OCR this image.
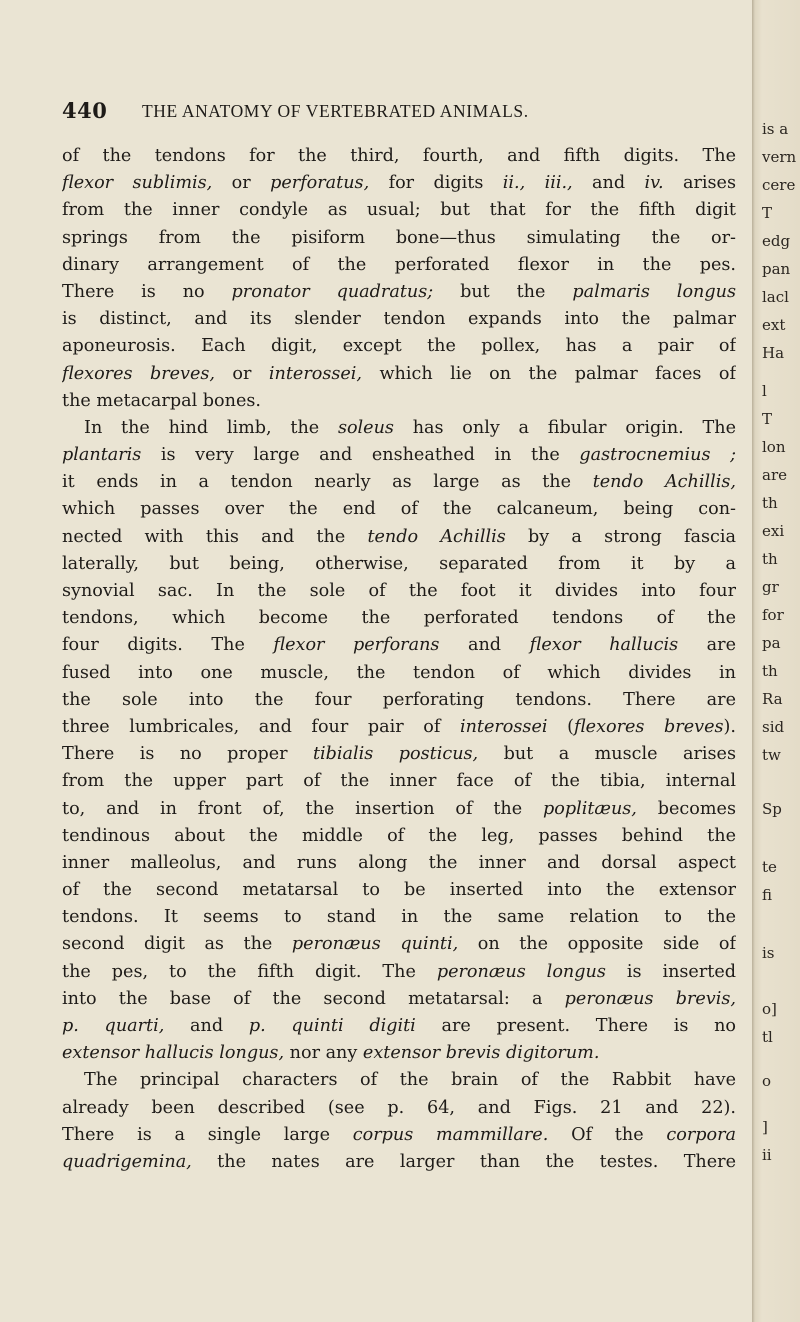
440 THE ANATOMY OF VERTEBRATED ANIMALS.
of the tendons for the third, fourth, and fifth digits. The
flexor sublimis, or perforatus, for digits ii., iii., and iv. arises
from the inner condyle as usual; but that for the fifth digit
springs from the pisiform bone—thus simulating the or-
dinary arrangement of the perforated flexor in the pes.
There is no pronator quadratus; but the palmaris longus
is distinct, and its slender tendon expands into the palmar
aponeurosis. Each digit, except the pollex, has a pair of
flexores breves, or interossei, which lie on the palmar faces of
the metacarpal bones.
In the hind limb, the soleus has only a fibular origin. The
plantaris is very large and ensheathed in the gastrocnemius ;
it ends in a tendon nearly as large as the tendo Achillis,
which passes over the end of the calcaneum, being con-
nected with this and the tendo Achillis by a strong fascia
laterally, but being, otherwise, separated from it by a
synovial sac. In the sole of the foot it divides into four
tendons, which become the perforated tendons of the
four digits. The flexor perforans and flexor hallucis are
fused into one muscle, the tendon of which divides in
the sole into the four perforating tendons. There are
three lumbricales, and four pair of interossei (flexores breves).
There is no proper tibialis posticus, but a muscle arises
from the upper part of the inner face of the tibia, internal
to, and in front of, the insertion of the poplitæus, becomes
tendinous about the middle of the leg, passes behind the
inner malleolus, and runs along the inner and dorsal aspect
of the second metatarsal to be inserted into the extensor
tendons. It seems to stand in the same relation to the
second digit as the peronæus quinti, on the opposite side of
the pes, to the fifth digit. The peronæus longus is inserted
into the base of the second metatarsal: a peronæus brevis,
p. quarti, and p. quinti digiti are present. There is no
extensor hallucis longus, nor any extensor brevis digitorum.
The principal characters of the brain of the Rabbit have
already been described (see p. 64, and Figs. 21 and 22).
There is a single large corpus mammillare. Of the corpora
quadrigemina, the nates are larger than the testes. There
is a
vern
cere
T
edg
pan
lacl
ext
Ha
l
T
lon
are
th
exi
th
gr
for
pa
th
Ra
sid
tw
Sp
te
fi
is
o]
tl
o
]
ii
